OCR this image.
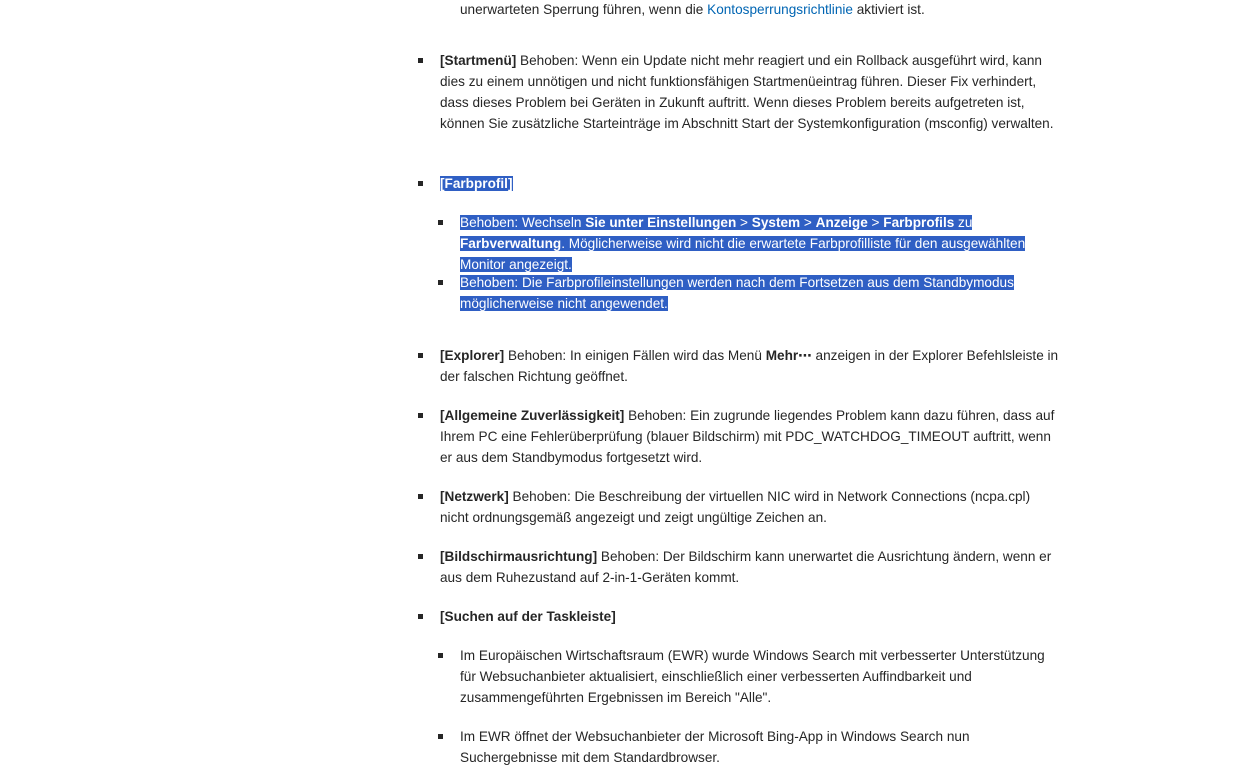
unerwarteten Sperrung führen, wenn die Kontosperrungsrichtlinie aktiviert ist.

[Startmenü] Behoben: Wenn ein Update nicht mehr reagiert und ein Rollback ausgeführt wird, kann dies zu einem unnötigen und nicht funktionsfähigen Startmenüeintrag führen. Dieser Fix verhindert, dass dieses Problem bei Geräten in Zukunft auftritt. Wenn dieses Problem bereits aufgetreten ist, können Sie zusätzliche Starteinträge im Abschnitt Start der Systemkonfiguration (msconfig) verwalten.
[Farbprofil]
Behoben: Wechseln Sie unter Einstellungen > System > Anzeige > Farbprofils zu Farbverwaltung. Möglicherweise wird nicht die erwartete Farbprofilliste für den ausgewählten Monitor angezeigt.
Behoben: Die Farbprofileinstellungen werden nach dem Fortsetzen aus dem Standbymodus möglicherweise nicht angewendet.
[Explorer] Behoben: In einigen Fällen wird das Menü Mehr⋯ anzeigen in der Explorer Befehlsleiste in der falschen Richtung geöffnet.
[Allgemeine Zuverlässigkeit] Behoben: Ein zugrunde liegendes Problem kann dazu führen, dass auf Ihrem PC eine Fehlerüberprüfung (blauer Bildschirm) mit PDC_WATCHDOG_TIMEOUT auftritt, wenn er aus dem Standbymodus fortgesetzt wird.
[Netzwerk] Behoben: Die Beschreibung der virtuellen NIC wird in Network Connections (ncpa.cpl) nicht ordnungsgemäß angezeigt und zeigt ungültige Zeichen an.
[Bildschirmausrichtung] Behoben: Der Bildschirm kann unerwartet die Ausrichtung ändern, wenn er aus dem Ruhezustand auf 2-in-1-Geräten kommt.
[Suchen auf der Taskleiste]
Im Europäischen Wirtschaftsraum (EWR) wurde Windows Search mit verbesserter Unterstützung für Websuchanbieter aktualisiert, einschließlich einer verbesserten Auffindbarkeit und zusammengeführten Ergebnissen im Bereich "Alle".
Im EWR öffnet der Websuchanbieter der Microsoft Bing-App in Windows Search nun Suchergebnisse mit dem Standardbrowser.
